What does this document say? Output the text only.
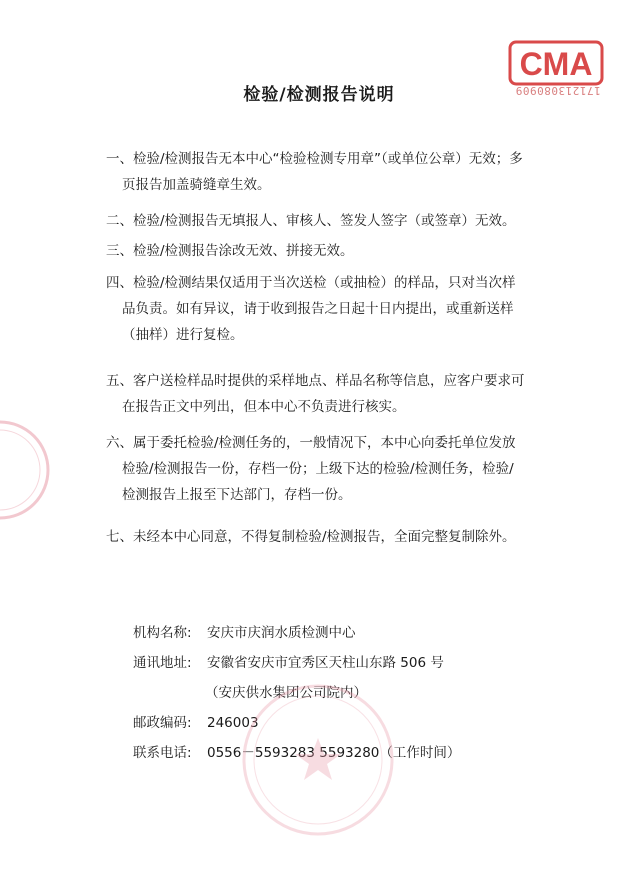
CMA
171213080909
检验/检测报告说明
一、检验/检测报告无本中心“检验检测专用章”（或单位公章）无效；多
页报告加盖骑缝章生效。
二、检验/检测报告无填报人、审核人、签发人签字（或签章）无效。
三、检验/检测报告涂改无效、拼接无效。
四、检验/检测结果仅适用于当次送检（或抽检）的样品，只对当次样
品负责。如有异议，请于收到报告之日起十日内提出，或重新送样
（抽样）进行复检。
五、客户送检样品时提供的采样地点、样品名称等信息，应客户要求可
在报告正文中列出，但本中心不负责进行核实。
六、属于委托检验/检测任务的，一般情况下，本中心向委托单位发放
检验/检测报告一份，存档一份；上级下达的检验/检测任务，检验/
检测报告上报至下达部门，存档一份。
七、未经本中心同意，不得复制检验/检测报告，全面完整复制除外。
机构名称: 安庆市庆润水质检测中心
通讯地址: 安徽省安庆市宜秀区天柱山东路 506 号
（安庆供水集团公司院内）
邮政编码: 246003
联系电话: 0556－5593283 5593280（工作时间）
